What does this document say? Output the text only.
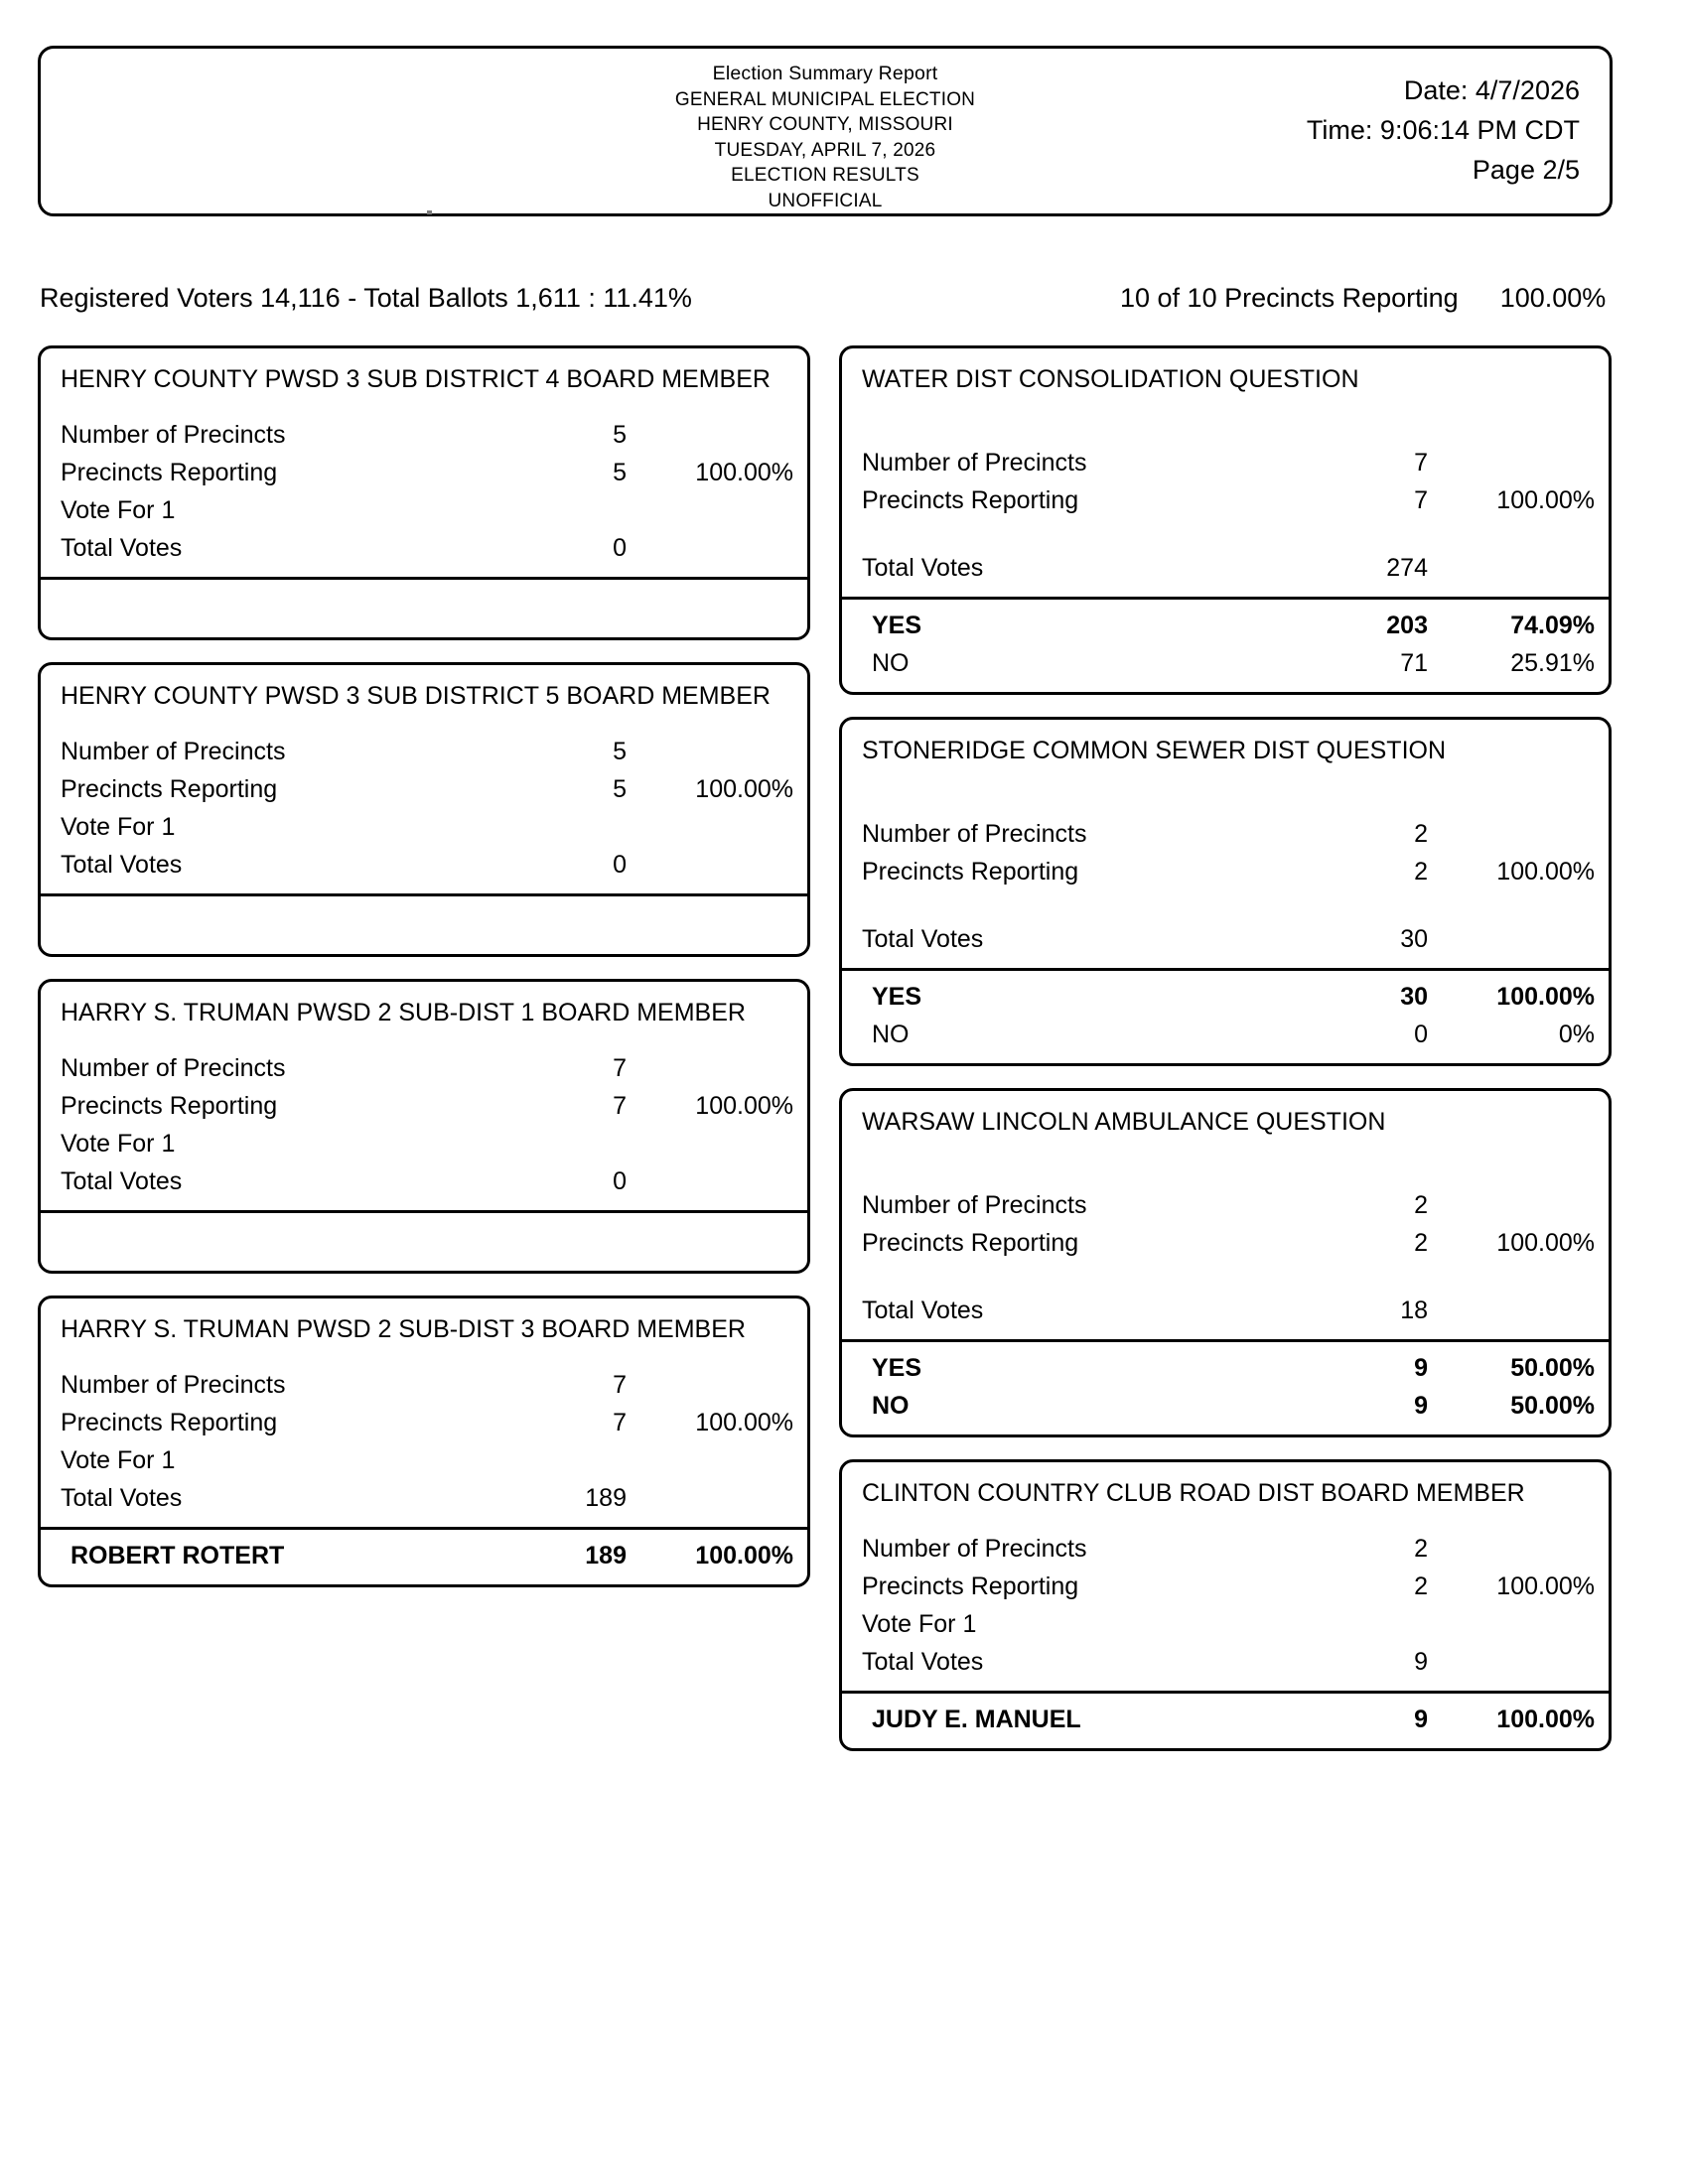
Election Summary Report
GENERAL MUNICIPAL ELECTION
HENRY COUNTY, MISSOURI
TUESDAY, APRIL 7, 2026
ELECTION RESULTS
UNOFFICIAL
Date: 4/7/2026
Time: 9:06:14 PM CDT
Page 2/5
Registered Voters 14,116 - Total Ballots 1,611 : 11.41%	10 of 10 Precincts Reporting 100.00%
HENRY COUNTY PWSD 3 SUB DISTRICT 4 BOARD MEMBER
Number of Precincts	5
Precincts Reporting	5	100.00%
Vote For 1
Total Votes	0
HENRY COUNTY PWSD 3 SUB DISTRICT 5 BOARD MEMBER
Number of Precincts	5
Precincts Reporting	5	100.00%
Vote For 1
Total Votes	0
HARRY S. TRUMAN PWSD 2 SUB-DIST 1 BOARD MEMBER
Number of Precincts	7
Precincts Reporting	7	100.00%
Vote For 1
Total Votes	0
HARRY S. TRUMAN PWSD 2 SUB-DIST 3 BOARD MEMBER
Number of Precincts	7
Precincts Reporting	7	100.00%
Vote For 1
Total Votes	189
ROBERT ROTERT	189	100.00%
WATER DIST CONSOLIDATION QUESTION
Number of Precincts	7
Precincts Reporting	7	100.00%
Total Votes	274
YES	203	74.09%
NO	71	25.91%
STONERIDGE COMMON SEWER DIST QUESTION
Number of Precincts	2
Precincts Reporting	2	100.00%
Total Votes	30
YES	30	100.00%
NO	0	0%
WARSAW LINCOLN AMBULANCE QUESTION
Number of Precincts	2
Precincts Reporting	2	100.00%
Total Votes	18
YES	9	50.00%
NO	9	50.00%
CLINTON COUNTRY CLUB ROAD DIST BOARD MEMBER
Number of Precincts	2
Precincts Reporting	2	100.00%
Vote For 1
Total Votes	9
JUDY E. MANUEL	9	100.00%
